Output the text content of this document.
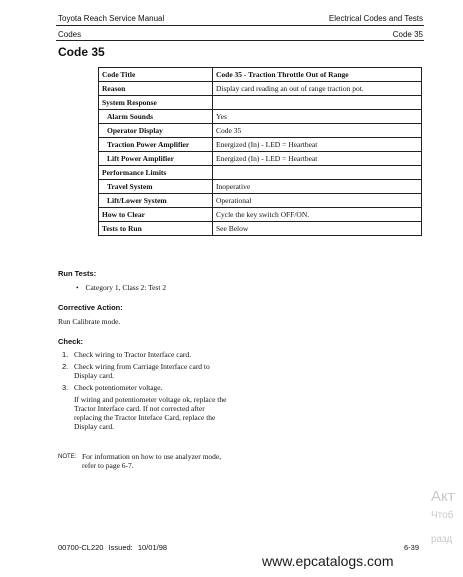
Toyota Reach Service Manual	Electrical Codes and Tests
Codes	Code 35
Code 35
Code Title	Code 35 - Traction Throttle Out of Range
Reason	Display card reading an out of range traction pot.
System Response	
Alarm Sounds	Yes
Operator Display	Code 35
Traction Power Amplifier	Energized (In) - LED = Heartbeat
Lift Power Amplifier	Energized (In) - LED = Heartbeat
Performance Limits	
Travel System	Inoperative
Lift/Lower System	Operational
How to Clear	Cycle the key switch OFF/ON.
Tests to Run	See Below
Run Tests:
• Category 1, Class 2: Test 2
Corrective Action:
Run Calibrate mode.
Check:
1. Check wiring to Tractor Interface card.
2. Check wiring from Carriage Interface card to Display card.
3. Check potentiometer voltage.
If wiring and potentiometer voltage ok, replace the Tractor Interface card. If not corrected after replacing the Tractor Inteface Card, replace the Display card.
NOTE: For information on how to use analyzer mode, refer to page 6-7.
Акт
Чтоб
разд
00700-CL220 Issued: 10/01/98	6-39
www.epcatalogs.com
